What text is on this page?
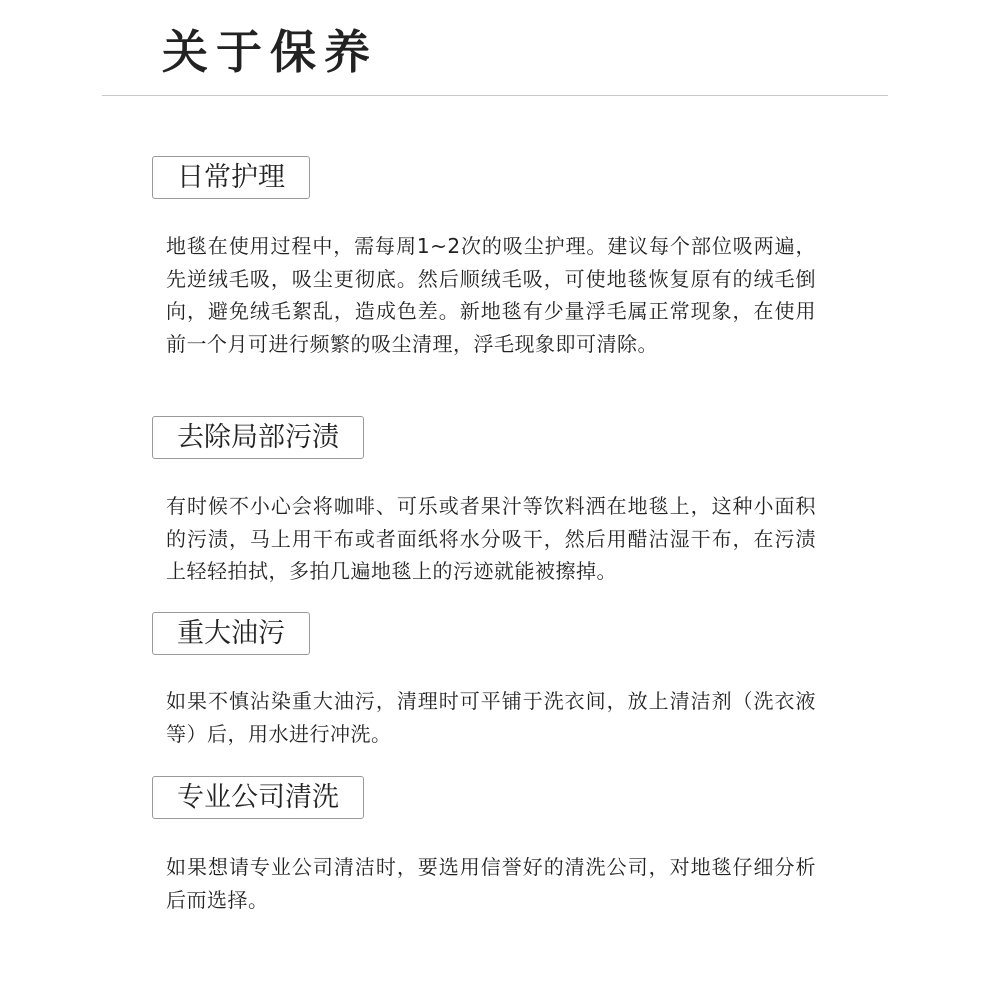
关于保养
日常护理

地毯在使用过程中，需每周1~2次的吸尘护理。建议每个部位吸两遍，先逆绒毛吸，吸尘更彻底。然后顺绒毛吸，可使地毯恢复原有的绒毛倒向，避免绒毛絮乱，造成色差。新地毯有少量浮毛属正常现象，在使用前一个月可进行频繁的吸尘清理，浮毛现象即可清除。

去除局部污渍

有时候不小心会将咖啡、可乐或者果汁等饮料洒在地毯上，这种小面积的污渍，马上用干布或者面纸将水分吸干，然后用醋沽湿干布，在污渍上轻轻拍拭，多拍几遍地毯上的污迹就能被擦掉。

重大油污

如果不慎沾染重大油污，清理时可平铺于洗衣间，放上清洁剂（洗衣液等）后，用水进行冲洗。

专业公司清洗

如果想请专业公司清洁时，要选用信誉好的清洗公司，对地毯仔细分析后而选择。
